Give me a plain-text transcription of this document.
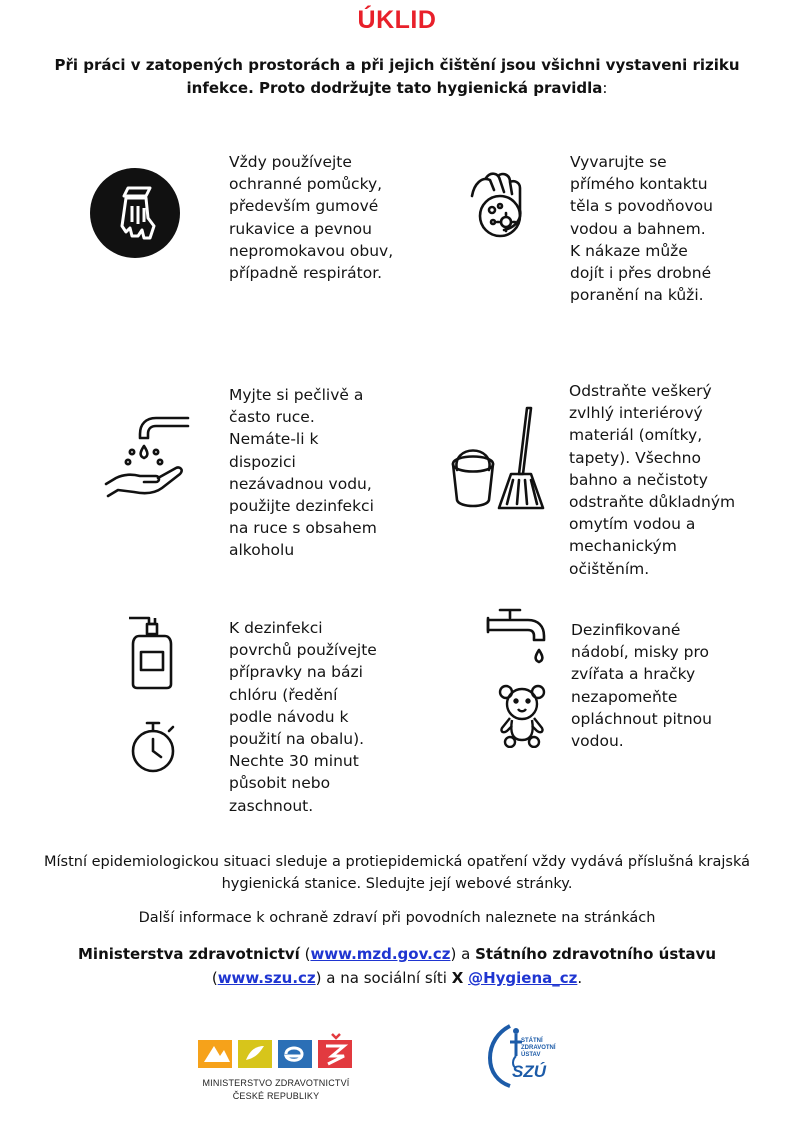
ÚKLID
Při práci v zatopených prostorách a při jejich čištění jsou všichni vystaveni riziku infekce. Proto dodržujte tato hygienická pravidla:
Vždy používejte
ochranné pomůcky,
především gumové
rukavice a pevnou
nepromokavou obuv,
případně respirátor.
Vyvarujte se
přímého kontaktu
těla s povodňovou
vodou a bahnem.
K nákaze může
dojít i přes drobné
poranění na kůži.
Myjte si pečlivě a
často ruce.
Nemáte-li k
dispozici
nezávadnou vodu,
použijte dezinfekci
na ruce s obsahem
alkoholu
Odstraňte veškerý
zvlhlý interiérový
materiál (omítky,
tapety). Všechno
bahno a nečistoty
odstraňte důkladným
omytím vodou a
mechanickým
očištěním.
K dezinfekci
povrchů používejte
přípravky na bázi
chlóru (ředění
podle návodu k
použití na obalu).
Nechte 30 minut
působit nebo
zaschnout.
Dezinfikované
nádobí, misky pro
zvířata a hračky
nezapomeňte
opláchnout pitnou
vodou.
Místní epidemiologickou situaci sleduje a protiepidemická opatření vždy vydává příslušná krajská hygienická stanice. Sledujte její webové stránky.
Další informace k ochraně zdraví při povodních naleznete na stránkách
Ministerstva zdravotnictví (www.mzd.gov.cz) a Státního zdravotního ústavu
(www.szu.cz) a na sociální síti X @Hygiena_cz.
MINISTERSTVO ZDRAVOTNICTVÍ
ČESKÉ REPUBLIKY
STÁTNÍ
ZDRAVOTNÍ
ÚSTAV
SZÚ
